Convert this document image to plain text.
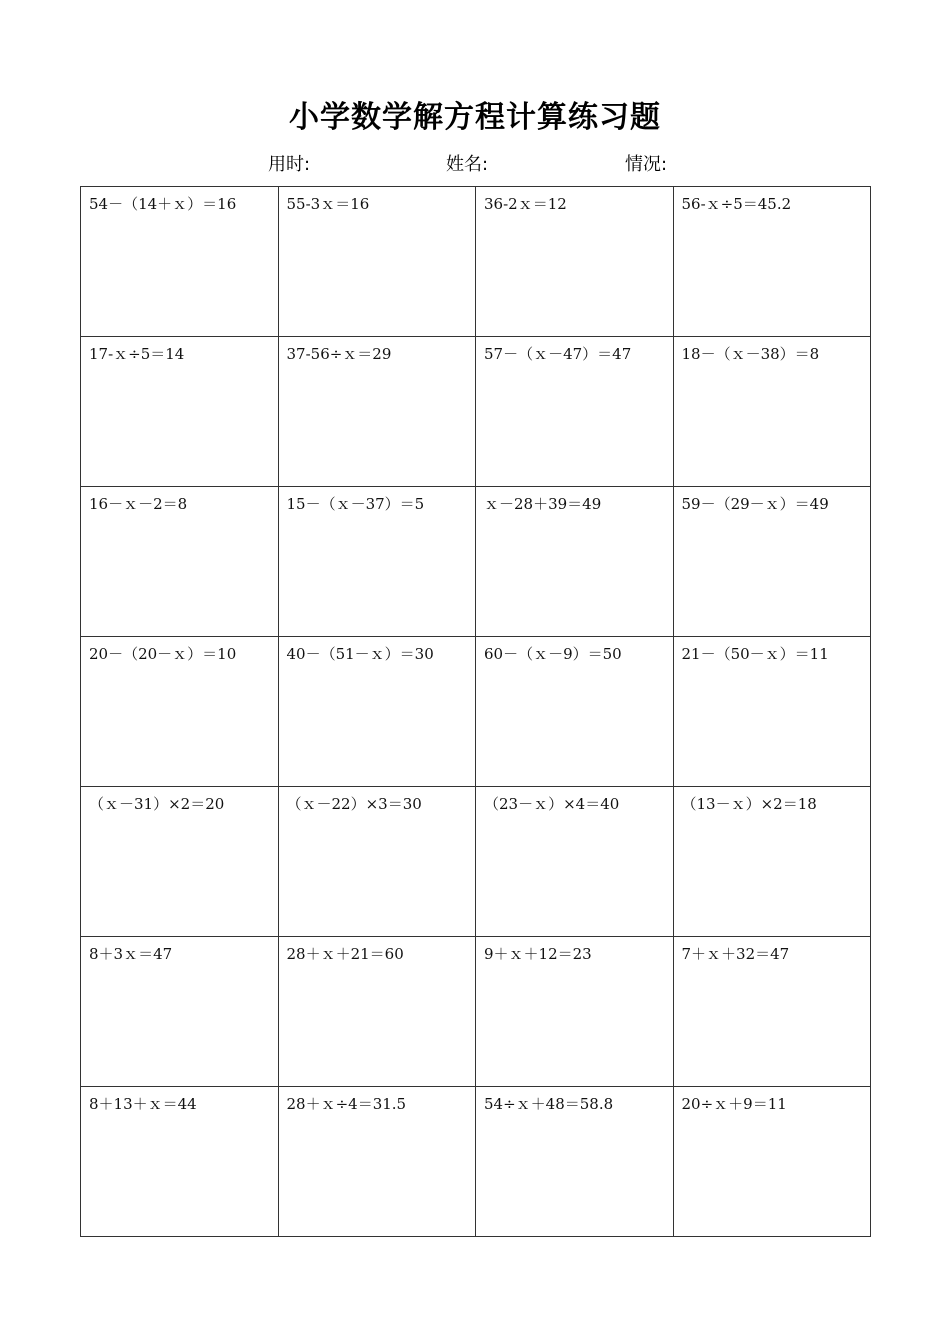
小学数学解方程计算练习题
用时:	姓名:	情况:
54－（14＋ｘ）＝16	55-3ｘ＝16	36-2ｘ＝12	56-ｘ÷5＝45.2
17-ｘ÷5＝14	37-56÷ｘ＝29	57－（ｘ－47）＝47	18－（ｘ－38）＝8
16－ｘ－2＝8	15－（ｘ－37）＝5	ｘ－28＋39＝49	59－（29－ｘ）＝49
20－（20－ｘ）＝10	40－（51－ｘ）＝30	60－（ｘ－9）＝50	21－（50－ｘ）＝11
（ｘ－31）×2＝20	（ｘ－22）×3＝30	（23－ｘ）×4＝40	（13－ｘ）×2＝18
8＋3ｘ＝47	28＋ｘ＋21＝60	9＋ｘ＋12＝23	7＋ｘ＋32＝47
8＋13＋ｘ＝44	28＋ｘ÷4＝31.5	54÷ｘ＋48＝58.8	20÷ｘ＋9＝11
